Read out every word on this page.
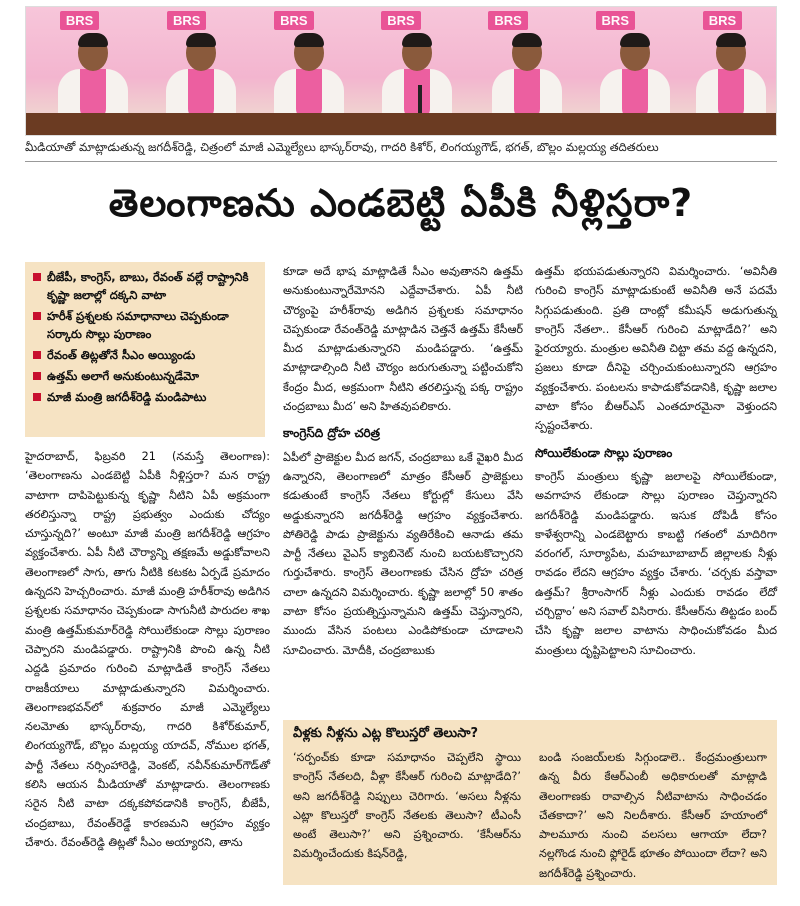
BRS	BRS	BRS	BRS	BRS	BRS	BRS
మీడియాతో మాట్లాడుతున్న జగదీశ్‌రెడ్డి, చిత్రంలో మాజీ ఎమ్మెల్యేలు భాస్కర్‌రావు, గాదరి కిశోర్, లింగయ్యగౌడ్, భగత్, బొల్లం మల్లయ్య తదితరులు
తెలంగాణను ఎండబెట్టి ఏపీకి నీళ్లిస్తరా?
బీజేపీ, కాంగ్రెస్, బాబు, రేవంత్ వల్లే రాష్ట్రానికి కృష్ణా జలాల్లో దక్కని వాటా
హరీశ్ ప్రశ్నలకు సమాధానాలు చెప్పకుండా సర్కారు సొల్లు పురాణం
రేవంత్ తిట్లతోనే సీఎం అయ్యిండు
ఉత్తమ్ అలాగే అనుకుంటున్నడేమో
మాజీ మంత్రి జగదీశ్‌రెడ్డి మండిపాటు

హైదరాబాద్, ఫిబ్రవరి 21 (నమస్తే తెలంగాణ): ‘తెలంగాణను ఎండబెట్టి ఏపీకి నీళ్లిస్తరా? మన రాష్ట్ర వాటాగా దాపిపెట్టుకున్న కృష్ణా నీటిని ఏపీ అక్రమంగా తరలిస్తున్నా రాష్ట్ర ప్రభుత్వం ఎందుకు చోద్యం చూస్తున్నది?’ అంటూ మాజీ మంత్రి జగదీశ్‌రెడ్డి ఆగ్రహం వ్యక్తంచేశారు. ఏపీ నీటి చౌర్యాన్ని తక్షణమే అడ్డుకోవాలని తెలంగాణలో సాగు, తాగు నీటికి కటకట ఏర్పడే ప్రమాదం ఉన్నదని హెచ్చరించారు. మాజీ మంత్రి హరీశ్‌రావు అడిగిన ప్రశ్నలకు సమాధానం చెప్పకుండా సాగునీటి పారుదల శాఖ మంత్రి ఉత్తమ్‌కుమార్‌రెడ్డి సోయిలేకుండా సొల్లు పురాణం చెప్పారని మండిపడ్డారు. రాష్ట్రానికి పొంచి ఉన్న నీటి ఎద్దడి ప్రమాదం గురించి మాట్లాడితే కాంగ్రెస్ నేతలు రాజకీయాలు మాట్లాడుతున్నారని విమర్శించారు. తెలంగాణభవన్‌లో శుక్రవారం మాజీ ఎమ్మెల్యేలు నలమోతు భాస్కర్‌రావు, గాదరి కిశోర్‌కుమార్, లింగయ్యగౌడ్, బొల్లం మల్లయ్య యాదవ్, నోముల భగత్, పార్టీ నేతలు నర్సింహారెడ్డి, వెంకట్, నవీన్‌కుమార్‌గౌడ్‌తో కలిసి ఆయన మీడియాతో మాట్లాడారు. తెలంగాణకు సరైన నీటి వాటా దక్కకపోవడానికి కాంగ్రెస్, బీజేపీ, చంద్రబాబు, రేవంత్‌రెడ్డే కారణమని ఆగ్రహం వ్యక్తం చేశారు. రేవంత్‌రెడ్డి తిట్లతో సీఎం అయ్యారని, తాను

కూడా అదే భాష మాట్లాడితే సీఎం అవుతానని ఉత్తమ్ అనుకుంటున్నారేమోనని ఎద్దేవాచేశారు. ఏపీ నీటి చౌర్యంపై హరీశ్‌రావు అడిగిన ప్రశ్నలకు సమాధానం చెప్పకుండా రేవంత్‌రెడ్డి మాట్లాడిన చెత్తనే ఉత్తమ్ కేసీఆర్ మీద మాట్లాడుతున్నారని మండిపడ్డారు. ‘ఉత్తమ్ మాట్లాడాల్సింది నీటి చౌర్యం జరుగుతున్నా పట్టించుకోని కేంద్రం మీద, అక్రమంగా నీటిని తరలిస్తున్న పక్క రాష్ట్రం చంద్రబాబు మీద’ అని హితవుపలికారు.

కాంగ్రెస్‌ది ద్రోహ చరిత్ర

ఏపీలో ప్రాజెక్టుల మీద జగన్, చంద్రబాబు ఒకే వైఖరి మీద ఉన్నారని, తెలంగాణలో మాత్రం కేసీఆర్ ప్రాజెక్టులు కడుతుంటే కాంగ్రెస్ నేతలు కోర్టుల్లో కేసులు వేసి అడ్డుకున్నారని జగదీశ్‌రెడ్డి ఆగ్రహం వ్యక్తంచేశారు. పోతిరెడ్డి పాడు ప్రాజెక్టును వ్యతిరేకించి ఆనాడు తమ పార్టీ నేతలు వైఎస్ క్యాబినెట్ నుంచి బయటకొచ్చారని గుర్తుచేశారు. కాంగ్రెస్ తెలంగాణకు చేసిన ద్రోహ చరిత్ర చాలా ఉన్నదని విమర్శించారు. కృష్ణా జలాల్లో 50 శాతం వాటా కోసం ప్రయత్నిస్తున్నామని ఉత్తమ్ చెప్తున్నారని, ముందు వేసిన పంటలు ఎండిపోకుండా చూడాలని సూచించారు. మోదీకి, చంద్రబాబుకు

ఉత్తమ్ భయపడుతున్నారని విమర్శించారు. ‘అవినీతి గురించి కాంగ్రెస్ మాట్లాడుకుంటే అవినీతి అనే పదమే సిగ్గుపడుతుంది. ప్రతి దాంట్లో కమీషన్ అడుగుతున్న కాంగ్రెస్ నేతలా.. కేసీఆర్ గురించి మాట్లాడేది?’ అని ఫైరయ్యారు. మంత్రుల అవినీతి చిట్టా తమ వద్ద ఉన్నదని, ప్రజలు కూడా దీనిపై చర్చించుకుంటున్నారని ఆగ్రహం వ్యక్తంచేశారు. పంటలను కాపాడుకోవడానికి, కృష్ణా జలాల వాటా కోసం బీఆర్‌ఎస్ ఎంతదూరమైనా వెళ్తుందని స్పష్టంచేశారు.

సోయిలేకుండా సొల్లు పురాణం

కాంగ్రెస్ మంత్రులు కృష్ణా జలాలపై సోయిలేకుండా, అవగాహన లేకుండా సొల్లు పురాణం చెప్తున్నారని జగదీశ్‌రెడ్డి మండిపడ్డారు. ఇసుక దోపిడీ కోసం కాళేశ్వరాన్ని ఎండబెట్టారు కాబట్టి గతంలో మాదిరిగా వరంగల్, సూర్యాపేట, మహబూబాబాద్ జిల్లాలకు నీళ్లు రావడం లేదని ఆగ్రహం వ్యక్తం చేశారు. ‘చర్చకు వస్తావా ఉత్తమ్? శ్రీరాంసాగర్ నీళ్లు ఎందుకు రావడం లేదో చర్చిద్దాం’ అని సవాల్ విసిరారు. కేసీఆర్‌ను తిట్టడం బంద్ చేసి కృష్ణా జలాల వాటాను సాధించుకోవడం మీద మంత్రులు దృష్టిపెట్టాలని సూచించారు.

వీళ్లకు నీళ్లను ఎట్ల కొలుస్తరో తెలుసా?

‘సర్పంచ్‌కు కూడా సమాధానం చెప్పలేని స్థాయి కాంగ్రెస్ నేతలది, వీళ్లా కేసీఆర్ గురించి మాట్లాడేది?’ అని జగదీశ్‌రెడ్డి నిప్పులు చెరిగారు. ‘అసలు నీళ్లను ఎట్లా కొలుస్తరో కాంగ్రెస్ నేతలకు తెలుసా? టీఎంసీ అంటే తెలుసా?’ అని ప్రశ్నించారు. ‘కేసీఆర్‌ను విమర్శించేందుకు కిషన్‌రెడ్డి,

బండి సంజయ్‌లకు సిగ్గుండాలె.. కేంద్రమంత్రులుగా ఉన్న వీరు కేఆర్‌ఎంబీ అధికారులతో మాట్లాడి తెలంగాణకు రావాల్సిన నీటివాటాను సాధించడం చేతకాదా?’ అని నిలదీశారు. కేసీఆర్ హయాంలో పాలమూరు నుంచి వలసలు ఆగాయా లేదా? నల్లగొండ నుంచి ఫ్లోరైడ్ భూతం పోయిందా లేదా? అని జగదీశ్‌రెడ్డి ప్రశ్నించారు.
